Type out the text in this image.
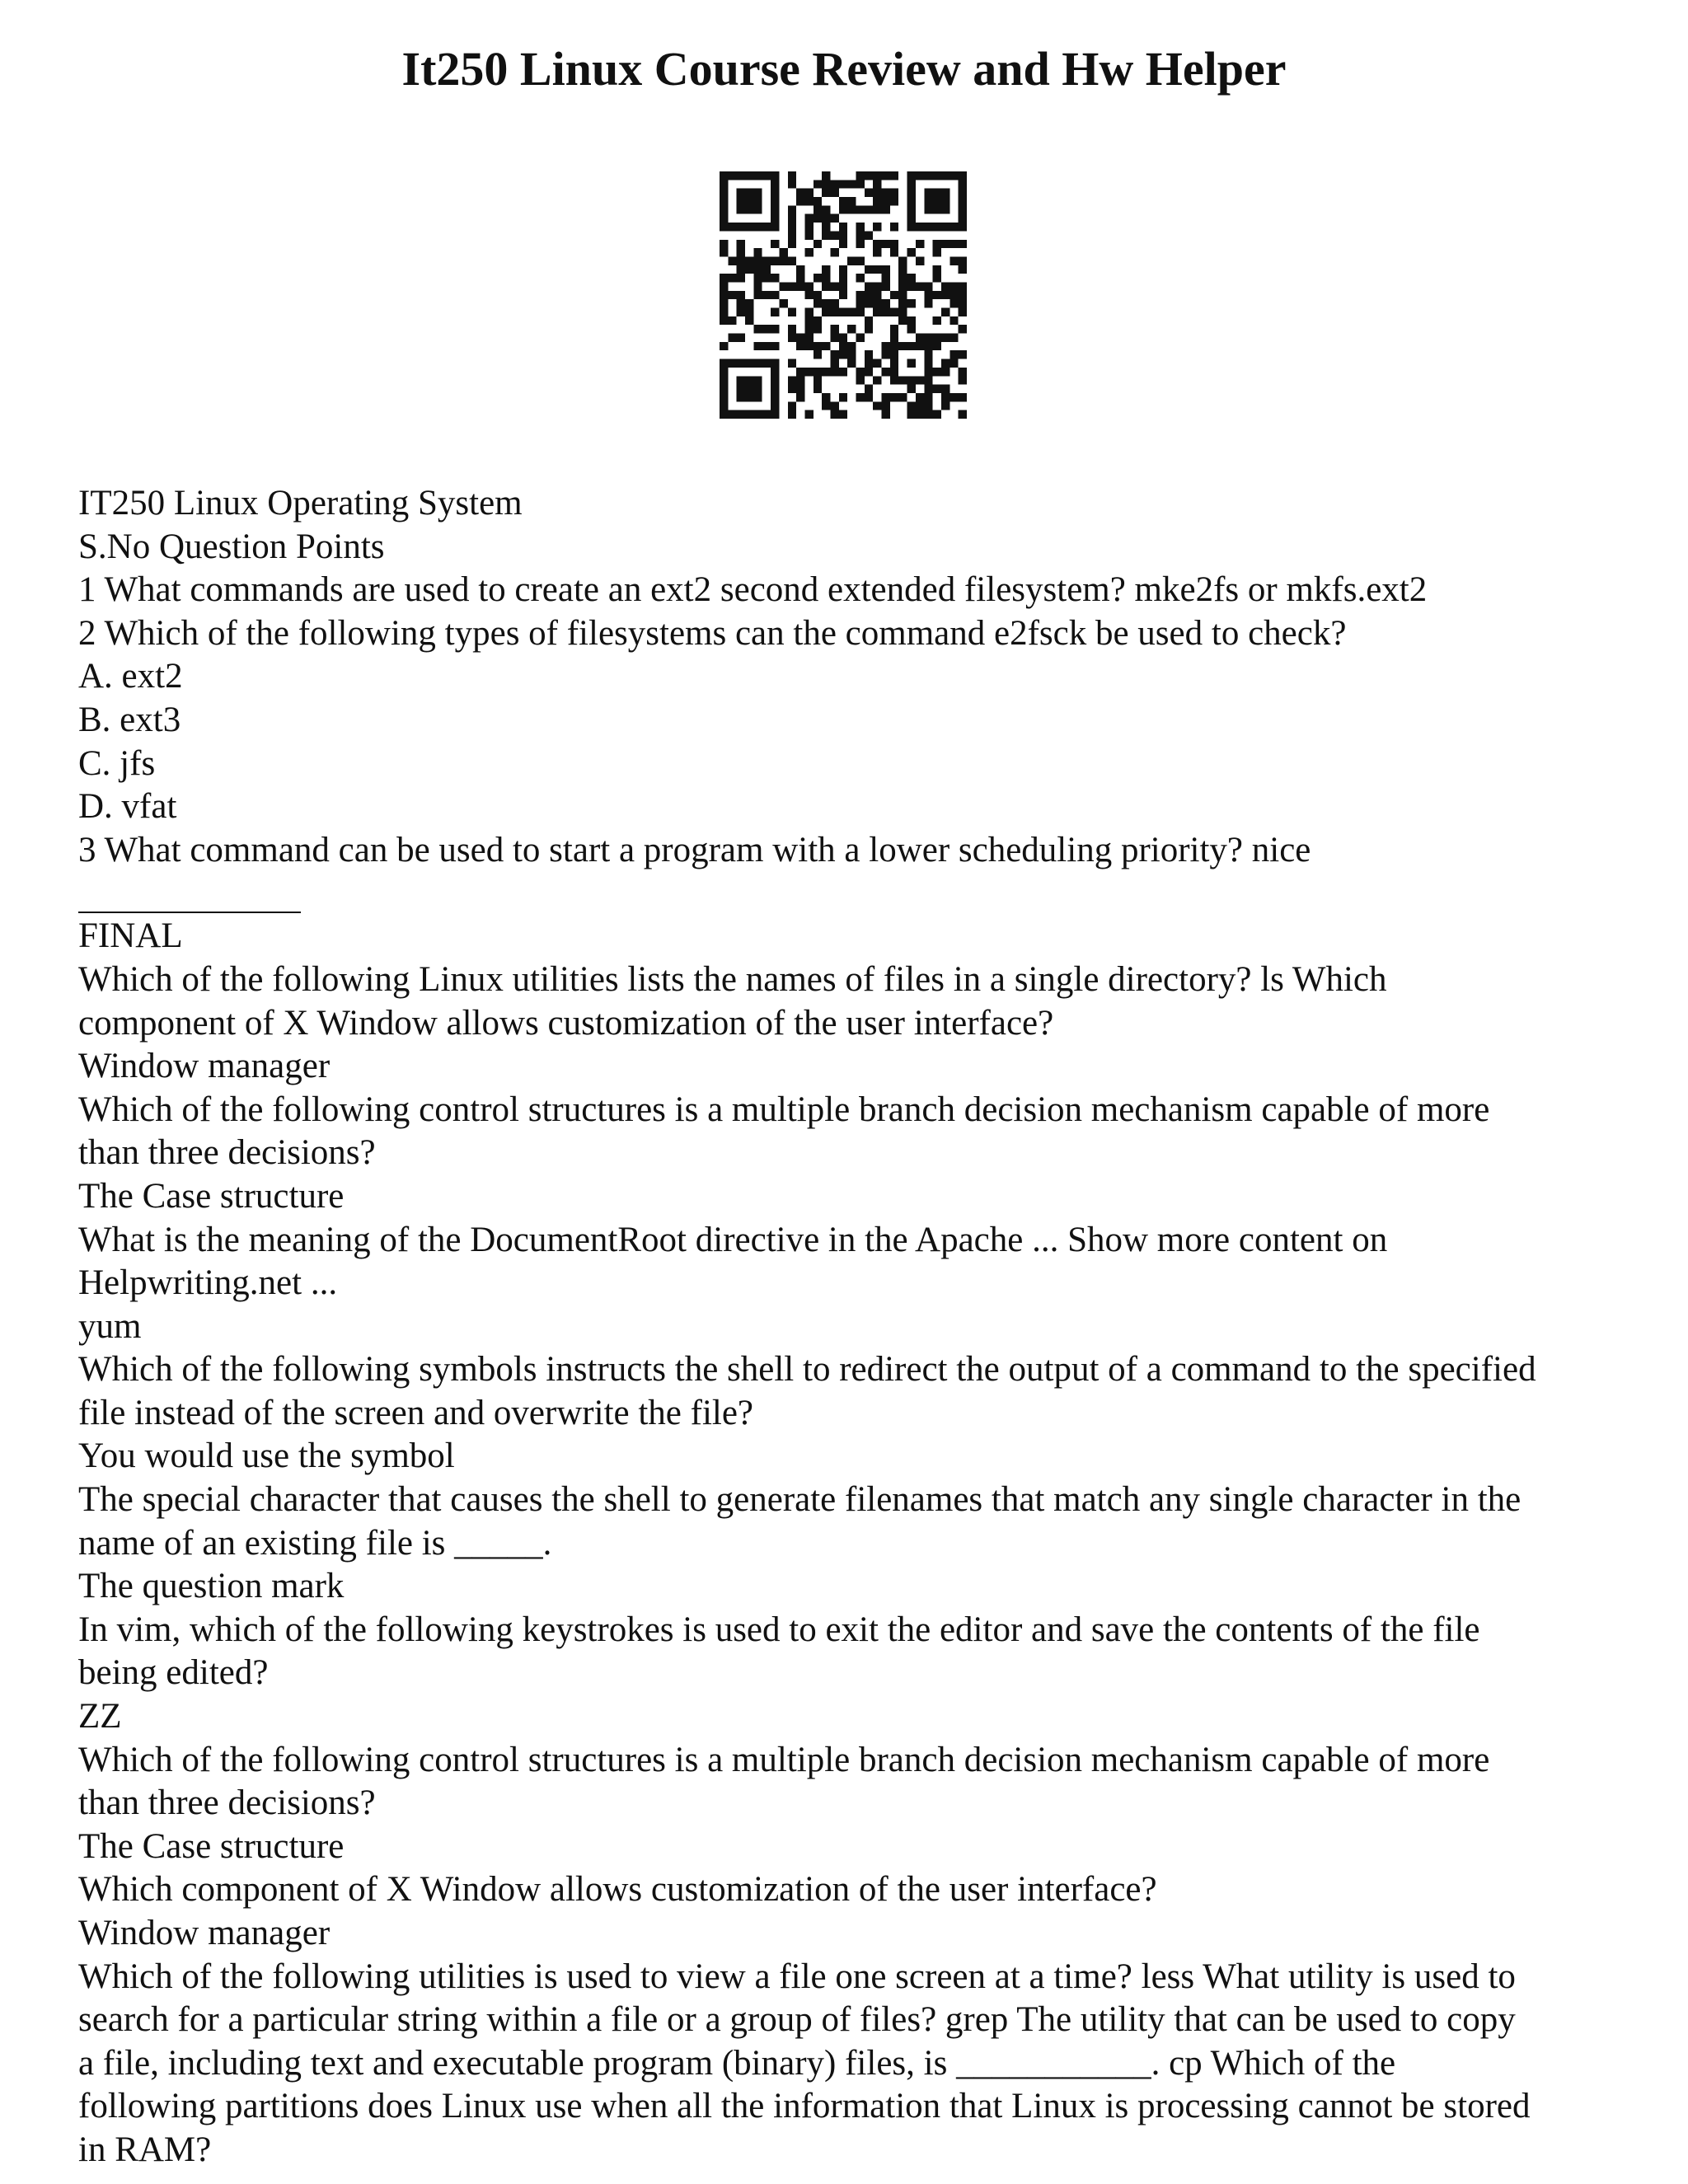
It250 Linux Course Review and Hw Helper

IT250 Linux Operating System

S.No Question Points

1 What commands are used to create an ext2 second extended filesystem? mke2fs or mkfs.ext2

2 Which of the following types of filesystems can the command e2fsck be used to check?

A. ext2

B. ext3

C. jfs

D. vfat

3 What command can be used to start a program with a lower scheduling priority? nice

FINAL

Which of the following Linux utilities lists the names of files in a single directory? ls Which

component of X Window allows customization of the user interface?

Window manager

Which of the following control structures is a multiple branch decision mechanism capable of more

than three decisions?

The Case structure

What is the meaning of the DocumentRoot directive in the Apache ... Show more content on

Helpwriting.net ...

yum

Which of the following symbols instructs the shell to redirect the output of a command to the specified

file instead of the screen and overwrite the file?

You would use the symbol

The special character that causes the shell to generate filenames that match any single character in the

name of an existing file is _____.

The question mark

In vim, which of the following keystrokes is used to exit the editor and save the contents of the file

being edited?

ZZ

Which of the following control structures is a multiple branch decision mechanism capable of more

than three decisions?

The Case structure

Which component of X Window allows customization of the user interface?

Window manager

Which of the following utilities is used to view a file one screen at a time? less What utility is used to

search for a particular string within a file or a group of files? grep The utility that can be used to copy

a file, including text and executable program (binary) files, is ___________. cp Which of the

following partitions does Linux use when all the information that Linux is processing cannot be stored

in RAM?
